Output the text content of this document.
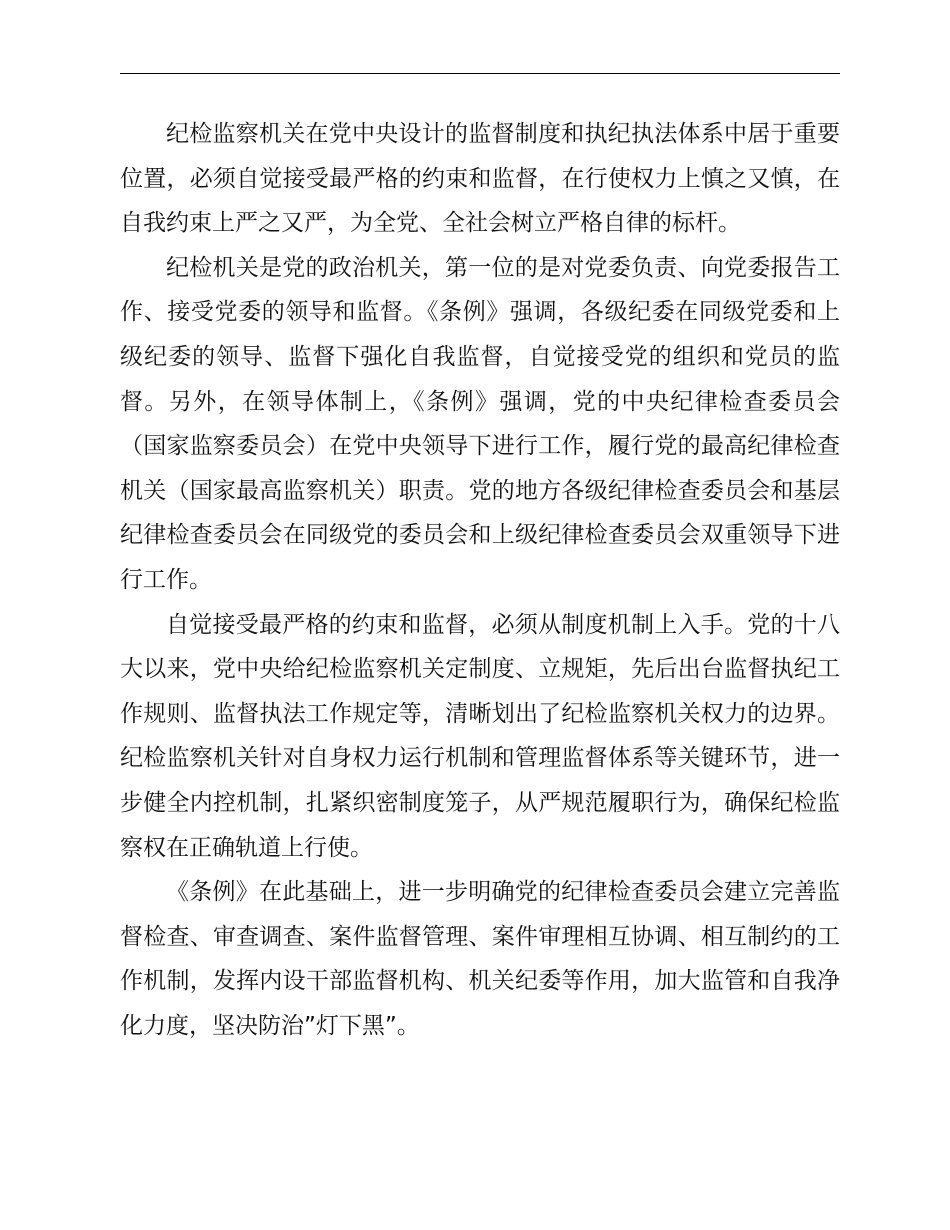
纪检监察机关在党中央设计的监督制度和执纪执法体系中居于重要位置，必须自觉接受最严格的约束和监督，在行使权力上慎之又慎，在自我约束上严之又严，为全党、全社会树立严格自律的标杆。

纪检机关是党的政治机关，第一位的是对党委负责、向党委报告工作、接受党委的领导和监督。《条例》强调，各级纪委在同级党委和上级纪委的领导、监督下强化自我监督，自觉接受党的组织和党员的监督。另外，在领导体制上，《条例》强调，党的中央纪律检查委员会（国家监察委员会）在党中央领导下进行工作，履行党的最高纪律检查机关（国家最高监察机关）职责。党的地方各级纪律检查委员会和基层纪律检查委员会在同级党的委员会和上级纪律检查委员会双重领导下进行工作。

自觉接受最严格的约束和监督，必须从制度机制上入手。党的十八大以来，党中央给纪检监察机关定制度、立规矩，先后出台监督执纪工作规则、监督执法工作规定等，清晰划出了纪检监察机关权力的边界。纪检监察机关针对自身权力运行机制和管理监督体系等关键环节，进一步健全内控机制，扎紧织密制度笼子，从严规范履职行为，确保纪检监察权在正确轨道上行使。

《条例》在此基础上，进一步明确党的纪律检查委员会建立完善监督检查、审查调查、案件监督管理、案件审理相互协调、相互制约的工作机制，发挥内设干部监督机构、机关纪委等作用，加大监管和自我净化力度，坚决防治”灯下黑”。
